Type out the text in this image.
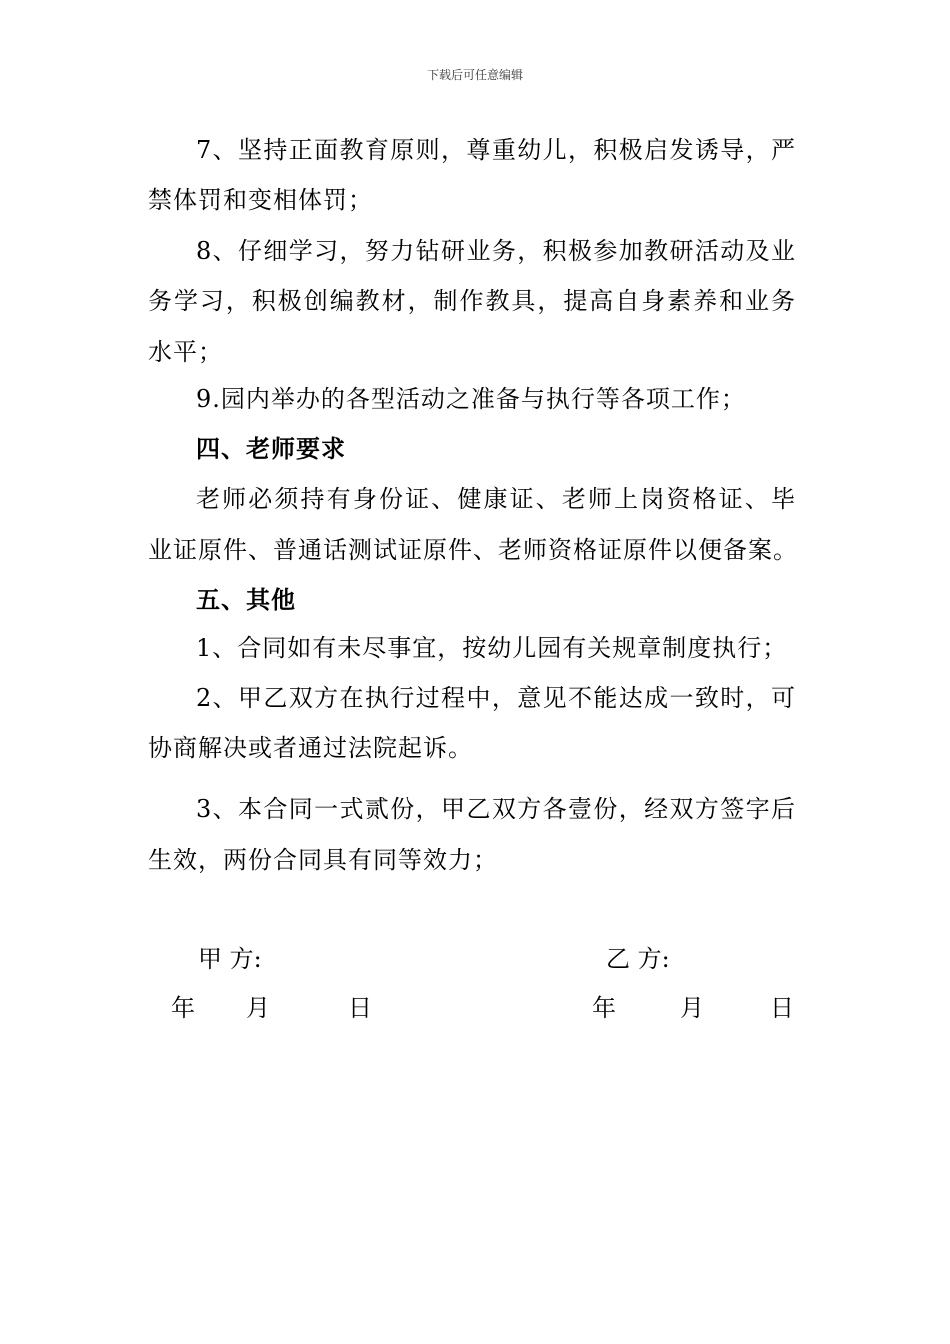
下载后可任意编辑
7、坚持正面教育原则，尊重幼儿，积极启发诱导，严
禁体罚和变相体罚；
8、仔细学习，努力钻研业务，积极参加教研活动及业
务学习，积极创编教材，制作教具，提高自身素养和业务
水平；
9.园内举办的各型活动之准备与执行等各项工作；
四、老师要求
老师必须持有身份证、健康证、老师上岗资格证、毕
业证原件、普通话测试证原件、老师资格证原件以便备案。
五、其他
1、合同如有未尽事宜，按幼儿园有关规章制度执行；
2、甲乙双方在执行过程中，意见不能达成一致时，可
协商解决或者通过法院起诉。
3、本合同一式贰份，甲乙双方各壹份，经双方签字后
生效，两份合同具有同等效力；
甲 方:	乙 方:
年 月	日	年	月	日
